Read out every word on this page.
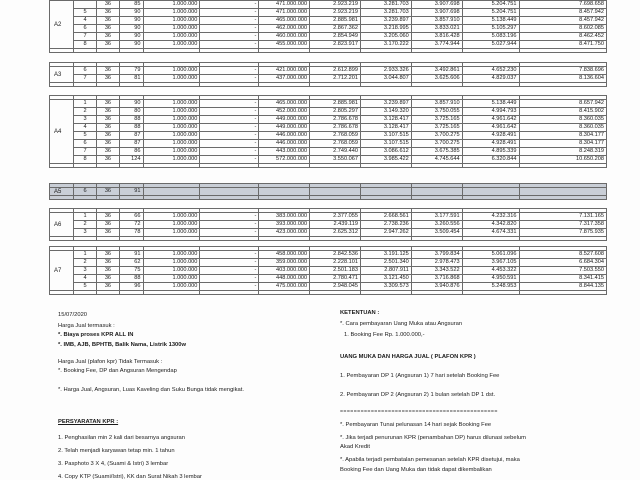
A2		36	85	1.000.000	-	471.000.000	2.923.219	3.281.703	3.907.698	5.204.751	7.698.658
	5	36	90	1.000.000	-	471.000.000	2.923.219	3.281.703	3.907.698	5.204.751	8.457.942
	4	36	90	1.000.000	-	465.000.000	2.885.981	3.239.897	3.857.910	5.138.449	8.457.942
	6	36	90	1.000.000	-	462.000.000	2.867.362	3.218.995	3.833.021	5.105.297	8.602.085
	7	36	90	1.000.000	-	460.000.000	2.854.949	3.205.060	3.816.428	5.083.196	8.462.452
	8	36	90	1.000.000	-	455.000.000	2.823.917	3.170.222	3.774.944	5.027.944	8.471.750

A3	6	36	79	1.000.000	-	421.000.000	2.612.899	2.933.326	3.492.861	4.652.230	7.838.696
	7	36	81	1.000.000	-	437.000.000	2.712.201	3.044.807	3.625.606	4.829.037	8.136.604

A4	1	36	90	1.000.000	-	465.000.000	2.885.981	3.239.897	3.857.910	5.138.449	8.657.942
	2	36	80	1.000.000	-	452.000.000	2.805.297	3.149.320	3.750.055	4.994.793	8.415.902
	3	36	88	1.000.000	-	449.000.000	2.786.678	3.128.417	3.725.165	4.961.642	8.360.035
	4	36	88	1.000.000	-	449.000.000	2.786.678	3.128.417	3.725.165	4.961.642	8.360.035
	5	36	87	1.000.000	-	446.000.000	2.768.059	3.107.515	3.700.275	4.928.491	8.304.177
	6	36	87	1.000.000	-	446.000.000	2.768.059	3.107.515	3.700.275	4.928.491	8.304.177
	7	36	86	1.000.000	-	443.000.000	2.749.440	3.086.612	3.675.385	4.895.339	8.248.319
	8	36	124	1.000.000	-	572.000.000	3.550.067	3.985.422	4.745.644	6.320.844	10.650.208

A5	6	36	91								

A6	1	36	66	1.000.000	-	383.000.000	2.377.055	2.668.561	3.177.591	4.232.316	7.131.165
	2	36	72	1.000.000	-	393.000.000	2.439.119	2.738.236	3.260.556	4.342.820	7.317.358
	3	36	78	1.000.000	-	423.000.000	2.625.312	2.947.262	3.509.454	4.674.331	7.875.935

A7	1	36	91	1.000.000	-	458.000.000	2.842.536	3.191.125	3.799.834	5.061.096	8.527.608
	2	36	62	1.000.000	-	359.000.000	2.228.101	2.501.340	2.978.473	3.967.105	6.684.304
	3	36	75	1.000.000	-	403.000.000	2.501.183	2.807.911	3.343.522	4.453.322	7.503.550
	4	36	88	1.000.000	-	448.000.000	2.780.471	3.121.450	3.716.868	4.950.591	8.341.415
	5	36	96	1.000.000	-	475.000.000	2.948.045	3.309.573	3.940.876	5.248.953	8.844.135

15/07/2020
Harga Jual termasuk :
*. Biaya proses KPR ALL IN
*. IMB, AJB, BPHTB, Balik Nama, Listrik 1300w
Harga Jual (plafon kpr) Tidak Termasuk :
*. Booking Fee, DP dan Angsuran Mengendap
*. Harga Jual, Angsuran, Luas Kaveling dan Suku Bunga tidak mengikat.
PERSYARATAN KPR :
1. Penghasilan min 2 kali dari besarnya angsuran
2. Telah menjadi karyawan tetap min. 1 tahun
3. Pasphoto 3 X 4, (Suami & Istri) 3 lembar
4. Copy KTP (Suami/Istri), KK dan Surat Nikah 3 lembar
KETENTUAN :
*. Cara pembayaran Uang Muka atau Angsuran
1. Booking Fee Rp. 1.000.000,-
UANG MUKA DAN HARGA JUAL ( PLAFON KPR )
1. Pembayaran DP 1 (Angsuran 1) 7 hari setelah Booking Fee
2. Pembayaran DP 2 (Angsuran 2) 1 bulan setelah DP 1 dst.
==============================================
*. Pembayaran Tunai pelunasan 14 hari sejak Booking Fee
*. Jika terjadi penurunan KPR (penambahan DP) harus dilunasi sebelum
Akad Kredit
*. Apabila terjadi pembatalan pemesanan setelah KPR disetujui, maka
Booking Fee dan Uang Muka dan tidak dapat dikembalikan
